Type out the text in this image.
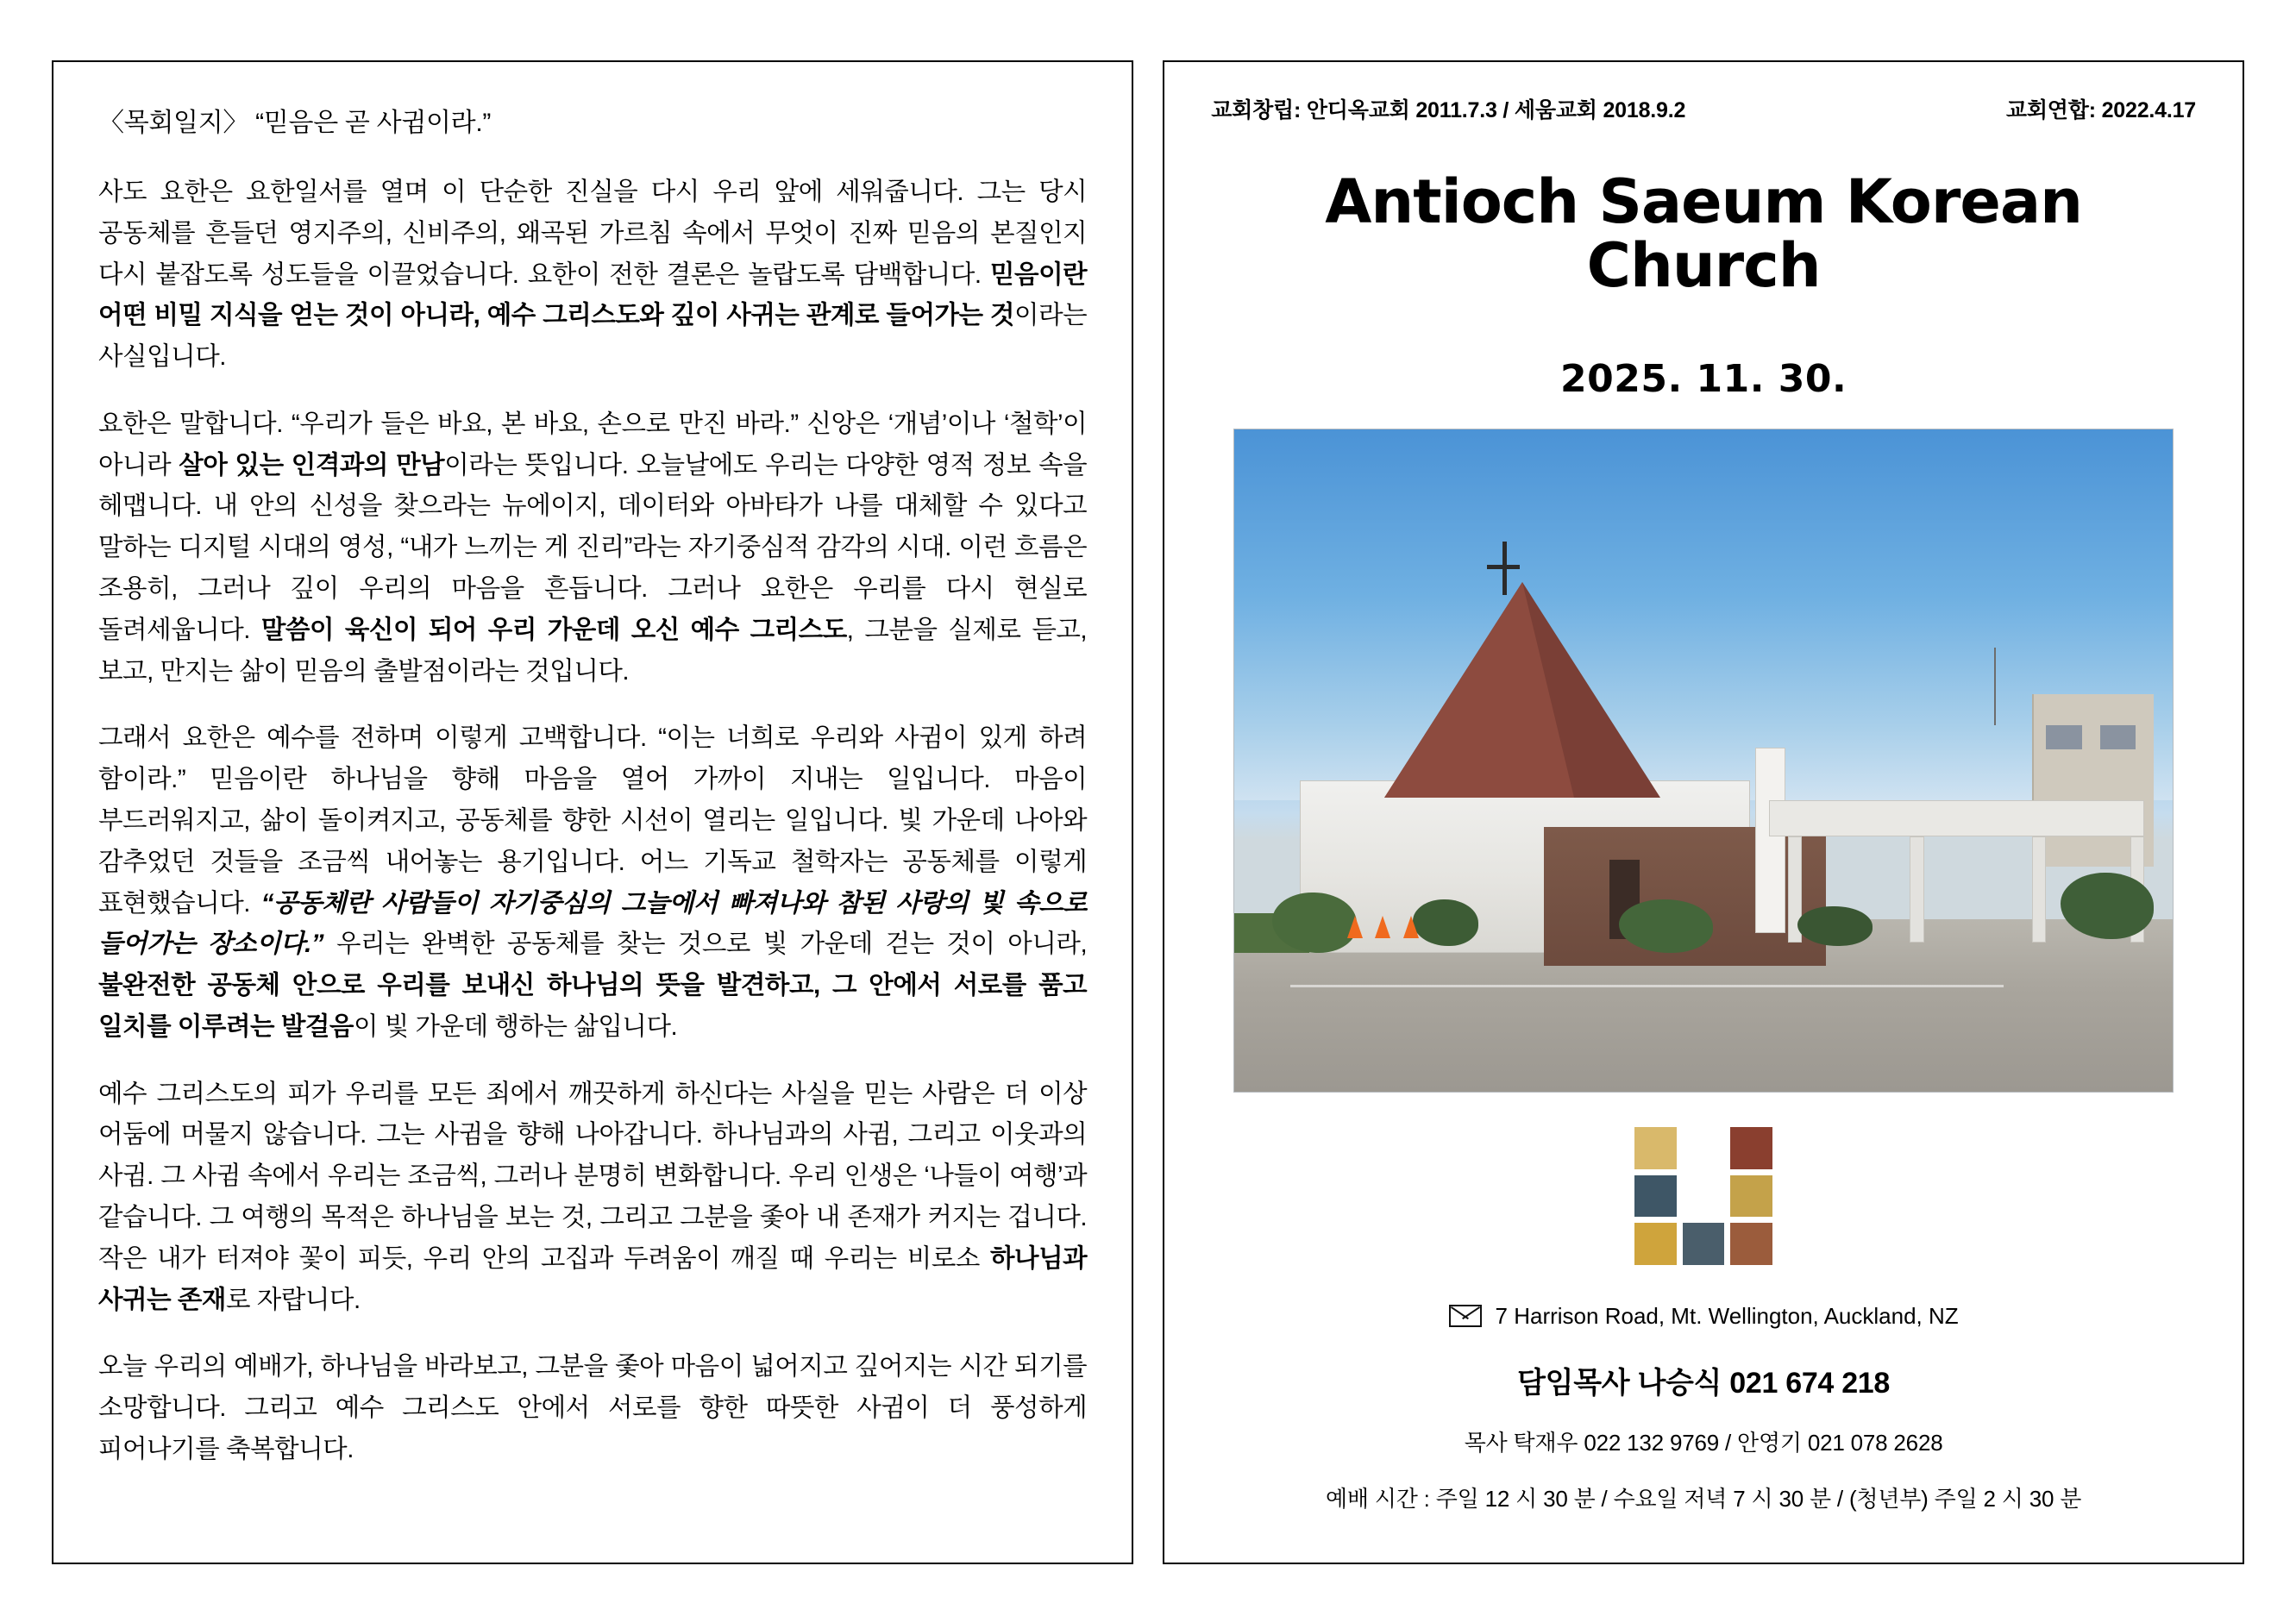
〈목회일지〉 “믿음은 곧 사귐이라.”
사도 요한은 요한일서를 열며 이 단순한 진실을 다시 우리 앞에 세워줍니다. 그는 당시 공동체를 흔들던 영지주의, 신비주의, 왜곡된 가르침 속에서 무엇이 진짜 믿음의 본질인지 다시 붙잡도록 성도들을 이끌었습니다. 요한이 전한 결론은 놀랍도록 담백합니다. 믿음이란 어떤 비밀 지식을 얻는 것이 아니라, 예수 그리스도와 깊이 사귀는 관계로 들어가는 것이라는 사실입니다.
요한은 말합니다. “우리가 들은 바요, 본 바요, 손으로 만진 바라.” 신앙은 ‘개념’이나 ‘철학’이 아니라 살아 있는 인격과의 만남이라는 뜻입니다. 오늘날에도 우리는 다양한 영적 정보 속을 헤맵니다. 내 안의 신성을 찾으라는 뉴에이지, 데이터와 아바타가 나를 대체할 수 있다고 말하는 디지털 시대의 영성, “내가 느끼는 게 진리”라는 자기중심적 감각의 시대. 이런 흐름은 조용히, 그러나 깊이 우리의 마음을 흔듭니다. 그러나 요한은 우리를 다시 현실로 돌려세웁니다. 말씀이 육신이 되어 우리 가운데 오신 예수 그리스도, 그분을 실제로 듣고, 보고, 만지는 삶이 믿음의 출발점이라는 것입니다.
그래서 요한은 예수를 전하며 이렇게 고백합니다. “이는 너희로 우리와 사귐이 있게 하려 함이라.” 믿음이란 하나님을 향해 마음을 열어 가까이 지내는 일입니다. 마음이 부드러워지고, 삶이 돌이켜지고, 공동체를 향한 시선이 열리는 일입니다. 빛 가운데 나아와 감추었던 것들을 조금씩 내어놓는 용기입니다. 어느 기독교 철학자는 공동체를 이렇게 표현했습니다. “공동체란 사람들이 자기중심의 그늘에서 빠져나와 참된 사랑의 빛 속으로 들어가는 장소이다.” 우리는 완벽한 공동체를 찾는 것으로 빛 가운데 걷는 것이 아니라, 불완전한 공동체 안으로 우리를 보내신 하나님의 뜻을 발견하고, 그 안에서 서로를 품고 일치를 이루려는 발걸음이 빛 가운데 행하는 삶입니다.
예수 그리스도의 피가 우리를 모든 죄에서 깨끗하게 하신다는 사실을 믿는 사람은 더 이상 어둠에 머물지 않습니다. 그는 사귐을 향해 나아갑니다. 하나님과의 사귐, 그리고 이웃과의 사귐. 그 사귐 속에서 우리는 조금씩, 그러나 분명히 변화합니다. 우리 인생은 ‘나들이 여행’과 같습니다. 그 여행의 목적은 하나님을 보는 것, 그리고 그분을 좇아 내 존재가 커지는 겁니다. 작은 내가 터져야 꽃이 피듯, 우리 안의 고집과 두려움이 깨질 때 우리는 비로소 하나님과 사귀는 존재로 자랍니다.
오늘 우리의 예배가, 하나님을 바라보고, 그분을 좇아 마음이 넓어지고 깊어지는 시간 되기를 소망합니다. 그리고 예수 그리스도 안에서 서로를 향한 따뜻한 사귐이 더 풍성하게 피어나기를 축복합니다.
교회창립: 안디옥교회 2011.7.3 / 세움교회 2018.9.2	교회연합: 2022.4.17
Antioch Saeum Korean Church
2025. 11. 30.
7 Harrison Road, Mt. Wellington, Auckland, NZ
담임목사 나승식 021 674 218
목사 탁재우 022 132 9769 / 안영기 021 078 2628
예배 시간 : 주일 12 시 30 분 / 수요일 저녁 7 시 30 분 / (청년부) 주일 2 시 30 분
